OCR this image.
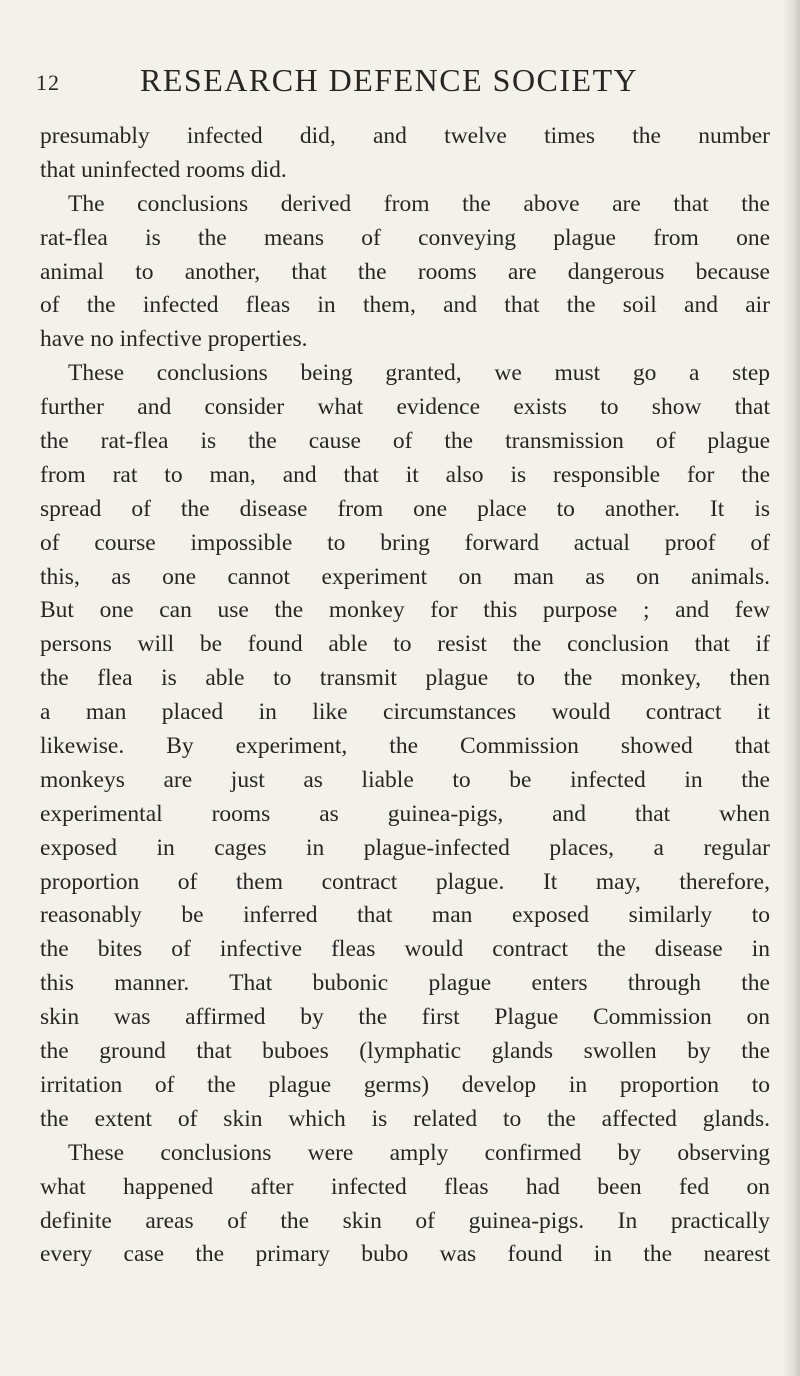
12	RESEARCH DEFENCE SOCIETY
presumably infected did, and twelve times the number
that uninfected rooms did.
The conclusions derived from the above are that the
rat-flea is the means of conveying plague from one
animal to another, that the rooms are dangerous because
of the infected fleas in them, and that the soil and air
have no infective properties.
These conclusions being granted, we must go a step
further and consider what evidence exists to show that
the rat-flea is the cause of the transmission of plague
from rat to man, and that it also is responsible for the
spread of the disease from one place to another. It is
of course impossible to bring forward actual proof of
this, as one cannot experiment on man as on animals.
But one can use the monkey for this purpose ; and few
persons will be found able to resist the conclusion that if
the flea is able to transmit plague to the monkey, then
a man placed in like circumstances would contract it
likewise. By experiment, the Commission showed that
monkeys are just as liable to be infected in the
experimental rooms as guinea-pigs, and that when
exposed in cages in plague-infected places, a regular
proportion of them contract plague. It may, therefore,
reasonably be inferred that man exposed similarly to
the bites of infective fleas would contract the disease in
this manner. That bubonic plague enters through the
skin was affirmed by the first Plague Commission on
the ground that buboes (lymphatic glands swollen by the
irritation of the plague germs) develop in proportion to
the extent of skin which is related to the affected glands.
These conclusions were amply confirmed by observing
what happened after infected fleas had been fed on
definite areas of the skin of guinea-pigs. In practically
every case the primary bubo was found in the nearest
